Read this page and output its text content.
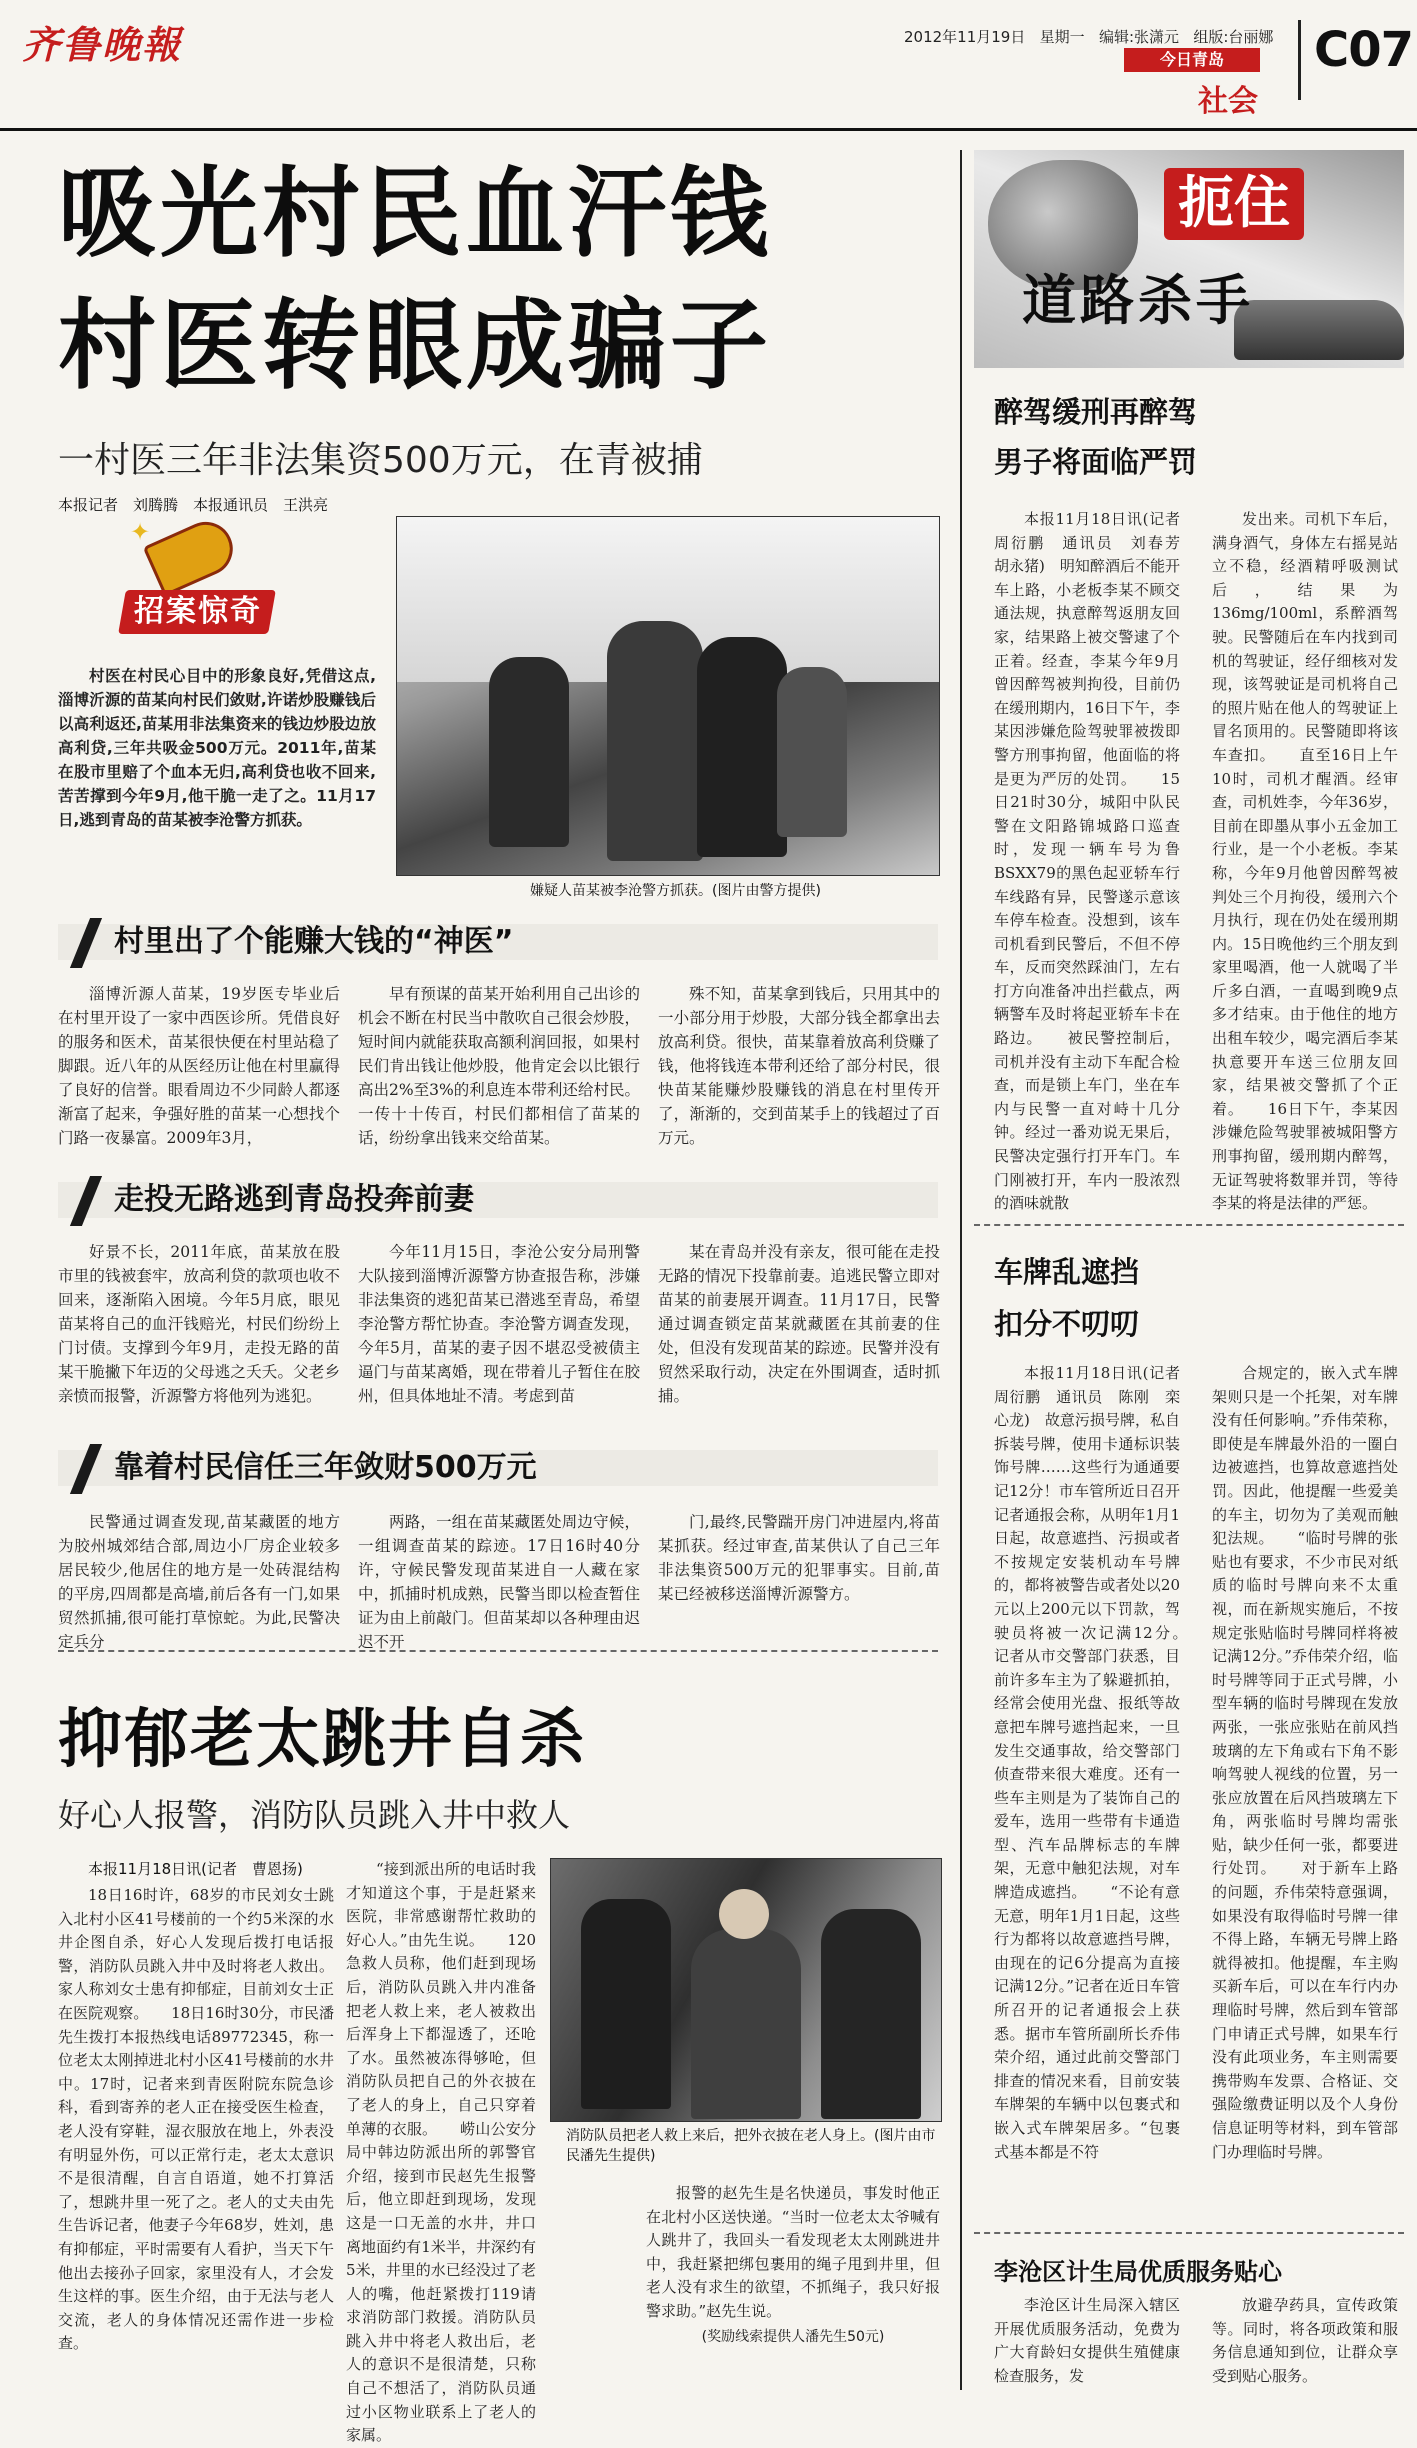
齐鲁晚報	2012年11月19日 星期一 编辑:张潇元 组版:台丽娜
今日青岛
社会
C07
吸光村民血汗钱
村医转眼成骗子
一村医三年非法集资500万元，在青被捕
本报记者　刘腾腾　本报通讯员　王洪亮
✦
招案惊奇

村医在村民心目中的形象良好,凭借这点,淄博沂源的苗某向村民们敛财,许诺炒股赚钱后以高利返还,苗某用非法集资来的钱边炒股边放高利贷,三年共吸金500万元。2011年,苗某在股市里赔了个血本无归,高利贷也收不回来,苦苦撑到今年9月,他干脆一走了之。11月17日,逃到青岛的苗某被李沧警方抓获。

嫌疑人苗某被李沧警方抓获。(图片由警方提供)
村里出了个能赚大钱的“神医”

淄博沂源人苗某，19岁医专毕业后在村里开设了一家中西医诊所。凭借良好的服务和医术，苗某很快便在村里站稳了脚跟。近八年的从医经历让他在村里赢得了良好的信誉。眼看周边不少同龄人都逐渐富了起来，争强好胜的苗某一心想找个门路一夜暴富。2009年3月，

早有预谋的苗某开始利用自己出诊的机会不断在村民当中散吹自己很会炒股，短时间内就能获取高额利润回报，如果村民们肯出钱让他炒股，他肯定会以比银行高出2%至3%的利息连本带利还给村民。一传十十传百，村民们都相信了苗某的话，纷纷拿出钱来交给苗某。

殊不知，苗某拿到钱后，只用其中的一小部分用于炒股，大部分钱全都拿出去放高利贷。很快，苗某靠着放高利贷赚了钱，他将钱连本带利还给了部分村民，很快苗某能赚炒股赚钱的消息在村里传开了，渐渐的，交到苗某手上的钱超过了百万元。

走投无路逃到青岛投奔前妻

好景不长，2011年底，苗某放在股市里的钱被套牢，放高利贷的款项也收不回来，逐渐陷入困境。今年5月底，眼见苗某将自己的血汗钱赔光，村民们纷纷上门讨债。支撑到今年9月，走投无路的苗某干脆撇下年迈的父母逃之夭夭。父老乡亲愤而报警，沂源警方将他列为逃犯。

今年11月15日，李沧公安分局刑警大队接到淄博沂源警方协查报告称，涉嫌非法集资的逃犯苗某已潜逃至青岛，希望李沧警方帮忙协查。李沧警方调查发现，今年5月，苗某的妻子因不堪忍受被债主逼门与苗某离婚，现在带着儿子暂住在胶州，但具体地址不清。考虑到苗

某在青岛并没有亲友，很可能在走投无路的情况下投靠前妻。追逃民警立即对苗某的前妻展开调查。11月17日，民警通过调查锁定苗某就藏匿在其前妻的住处，但没有发现苗某的踪迹。民警并没有贸然采取行动，决定在外围调查，适时抓捕。

靠着村民信任三年敛财500万元

民警通过调查发现,苗某藏匿的地方为胶州城郊结合部,周边小厂房企业较多居民较少,他居住的地方是一处砖混结构的平房,四周都是高墙,前后各有一门,如果贸然抓捕,很可能打草惊蛇。为此,民警决定兵分

两路，一组在苗某藏匿处周边守候，一组调查苗某的踪迹。17日16时40分许，守候民警发现苗某进自一人藏在家中，抓捕时机成熟，民警当即以检查暂住证为由上前敲门。但苗某却以各种理由迟迟不开

门,最终,民警踹开房门冲进屋内,将苗某抓获。经过审查,苗某供认了自己三年非法集资500万元的犯罪事实。目前,苗某已经被移送淄博沂源警方。

抑郁老太跳井自杀
好心人报警，消防队员跳入井中救人
本报11月18日讯(记者　曹恩扬)

18日16时许，68岁的市民刘女士跳入北村小区41号楼前的一个约5米深的水井企图自杀，好心人发现后拨打电话报警，消防队员跳入井中及时将老人救出。家人称刘女士患有抑郁症，目前刘女士正在医院观察。　　18日16时30分，市民潘先生拨打本报热线电话89772345，称一位老太太刚掉进北村小区41号楼前的水井中。17时，记者来到青医附院东院急诊科，看到寄养的老人正在接受医生检查，老人没有穿鞋，湿衣服放在地上，外表没有明显外伤，可以正常行走，老太太意识不是很清醒，自言自语道，她不打算活了，想跳井里一死了之。老人的丈夫由先生告诉记者，他妻子今年68岁，姓刘，患有抑郁症，平时需要有人看护，当天下午他出去接孙子回家，家里没有人，才会发生这样的事。医生介绍，由于无法与老人交流，老人的身体情况还需作进一步检查。

“接到派出所的电话时我才知道这个事，于是赶紧来医院，非常感谢帮忙救助的好心人。”由先生说。　　120急救人员称，他们赶到现场后，消防队员跳入井内准备把老人救上来，老人被救出后浑身上下都湿透了，还呛了水。虽然被冻得够呛，但消防队员把自己的外衣披在了老人的身上，自己只穿着单薄的衣服。　　崂山公安分局中韩边防派出所的郭警官介绍，接到市民赵先生报警后，他立即赶到现场，发现这是一口无盖的水井，井口离地面约有1米半，井深约有5米，井里的水已经没过了老人的嘴，他赶紧拨打119请求消防部门救援。消防队员跳入井中将老人救出后，老人的意识不是很清楚，只称自己不想活了，消防队员通过小区物业联系上了老人的家属。

消防队员把老人救上来后，把外衣披在老人身上。(图片由市民潘先生提供)

报警的赵先生是名快递员，事发时他正在北村小区送快递。“当时一位老太太爷喊有人跳井了，我回头一看发现老太太刚跳进井中，我赶紧把绑包裹用的绳子甩到井里，但老人没有求生的欲望，不抓绳子，我只好报警求助。”赵先生说。

(奖励线索提供人潘先生50元)

扼住
道路杀手
醉驾缓刑再醉驾
男子将面临严罚

本报11月18日讯(记者　周衍鹏　通讯员　刘春芳　胡永猪)　明知醉酒后不能开车上路，小老板李某不顾交通法规，执意醉驾返朋友回家，结果路上被交警逮了个正着。经查，李某今年9月曾因醉驾被判拘役，目前仍在缓刑期内，16日下午，李某因涉嫌危险驾驶罪被拨即警方刑事拘留，他面临的将是更为严厉的处罚。　　15日21时30分，城阳中队民警在文阳路锦城路口巡查时，发现一辆车号为鲁BSXX79的黑色起亚轿车行车线路有异，民警遂示意该车停车检查。没想到，该车司机看到民警后，不但不停车，反而突然踩油门，左右打方向准备冲出拦截点，两辆警车及时将起亚轿车卡在路边。　　被民警控制后，司机并没有主动下车配合检查，而是锁上车门，坐在车内与民警一直对峙十几分钟。经过一番劝说无果后，民警决定强行打开车门。车门刚被打开，车内一股浓烈的酒味就散

发出来。司机下车后，满身酒气，身体左右摇晃站立不稳，经酒精呼吸测试后，结果为136mg/100ml，系醉酒驾驶。民警随后在车内找到司机的驾驶证，经仔细核对发现，该驾驶证是司机将自己的照片贴在他人的驾驶证上冒名顶用的。民警随即将该车查扣。　　直至16日上午10时，司机才醒酒。经审查，司机姓李，今年36岁，目前在即墨从事小五金加工行业，是一个小老板。李某称，今年9月他曾因醉驾被判处三个月拘役，缓刑六个月执行，现在仍处在缓刑期内。15日晚他约三个朋友到家里喝酒，他一人就喝了半斤多白酒，一直喝到晚9点多才结束。由于他住的地方出租车较少，喝完酒后李某执意要开车送三位朋友回家，结果被交警抓了个正着。　　16日下午，李某因涉嫌危险驾驶罪被城阳警方刑事拘留，缓刑期内醉驾，无证驾驶将数罪并罚，等待李某的将是法律的严惩。

车牌乱遮挡
扣分不叨叨

本报11月18日讯(记者　周衍鹏　通讯员　陈刚　栾心龙)　故意污损号牌，私自拆装号牌，使用卡通标识装饰号牌……这些行为通通要记12分！市车管所近日召开记者通报会称，从明年1月1日起，故意遮挡、污损或者不按规定安装机动车号牌的，都将被警告或者处以20元以上200元以下罚款，驾驶员将被一次记满12分。　　记者从市交警部门获悉，目前许多车主为了躲避抓拍，经常会使用光盘、报纸等故意把车牌号遮挡起来，一旦发生交通事故，给交警部门侦查带来很大难度。还有一些车主则是为了装饰自己的爱车，选用一些带有卡通造型、汽车品牌标志的车牌架，无意中触犯法规，对车牌造成遮挡。　　“不论有意无意，明年1月1日起，这些行为都将以故意遮挡号牌，由现在的记6分提高为直接记满12分。”记者在近日车管所召开的记者通报会上获悉。据市车管所副所长乔伟荣介绍，通过此前交警部门排查的情况来看，目前安装车牌架的车辆中以包裹式和嵌入式车牌架居多。“包裹式基本都是不符

合规定的，嵌入式车牌架则只是一个托架，对车牌没有任何影响。”乔伟荣称，即使是车牌最外沿的一圈白边被遮挡，也算故意遮挡处罚。因此，他提醒一些爱美的车主，切勿为了美观而触犯法规。　　“临时号牌的张贴也有要求，不少市民对纸质的临时号牌向来不太重视，而在新规实施后，不按规定张贴临时号牌同样将被记满12分。”乔伟荣介绍，临时号牌等同于正式号牌，小型车辆的临时号牌现在发放两张，一张应张贴在前风挡玻璃的左下角或右下角不影响驾驶人视线的位置，另一张应放置在后风挡玻璃左下角，两张临时号牌均需张贴，缺少任何一张，都要进行处罚。　　对于新车上路的问题，乔伟荣特意强调，如果没有取得临时号牌一律不得上路，车辆无号牌上路就得被扣。他提醒，车主购买新车后，可以在车行内办理临时号牌，然后到车管部门申请正式号牌，如果车行没有此项业务，车主则需要携带购车发票、合格证、交强险缴费证明以及个人身份信息证明等材料，到车管部门办理临时号牌。

李沧区计生局优质服务贴心

李沧区计生局深入辖区开展优质服务活动，免费为广大育龄妇女提供生殖健康检查服务，发

放避孕药具，宣传政策等。同时，将各项政策和服务信息通知到位，让群众享受到贴心服务。
